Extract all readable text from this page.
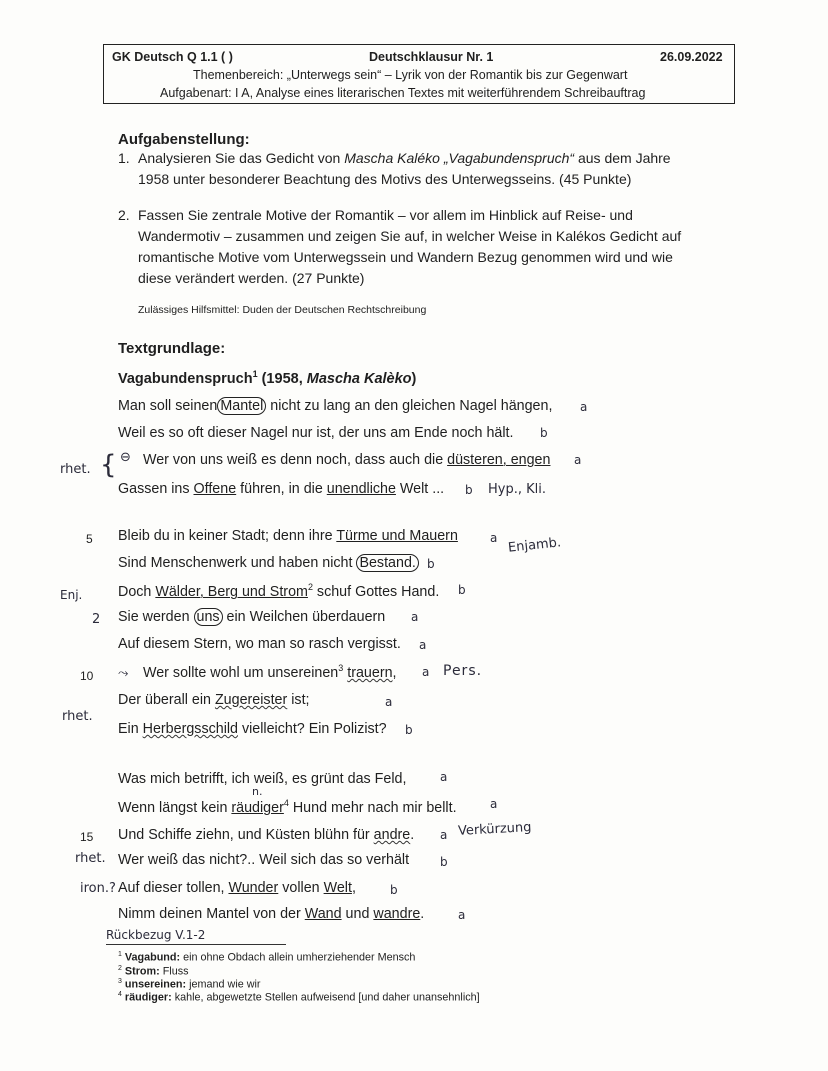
GK Deutsch Q 1.1 ( )	Deutschklausur Nr. 1	26.09.2022
Themenbereich: „Unterwegs sein“ – Lyrik von der Romantik bis zur Gegenwart
Aufgabenart: I A, Analyse eines literarischen Textes mit weiterführendem Schreibauftrag
Aufgabenstellung:
1. Analysieren Sie das Gedicht von Mascha Kaléko „Vagabundenspruch“ aus dem Jahre
1958 unter besonderer Beachtung des Motivs des Unterwegsseins. (45 Punkte)
2. Fassen Sie zentrale Motive der Romantik – vor allem im Hinblick auf Reise- und
Wandermotiv – zusammen und zeigen Sie auf, in welcher Weise in Kalékos Gedicht auf
romantische Motive vom Unterwegssein und Wandern Bezug genommen wird und wie
diese verändert werden. (27 Punkte)
Zulässiges Hilfsmittel: Duden der Deutschen Rechtschreibung
Textgrundlage:
Vagabundenspruch$^1$ (1958, Mascha Kalèko)
Man soll seinen Mantel nicht zu lang an den gleichen Nagel hängen,
Weil es so oft dieser Nagel nur ist, der uns am Ende noch hält.
Wer von uns weiß es denn noch, dass auch die düsteren, engen
Gassen ins Offene führen, in die unendliche Welt ...
Bleib du in keiner Stadt; denn ihre Türme und Mauern
Sind Menschenwerk und haben nicht Bestand.
Doch Wälder, Berg und Strom$^2$ schuf Gottes Hand.
Sie werden uns ein Weilchen überdauern
Auf diesem Stern, wo man so rasch vergisst.
Wer sollte wohl um unsereinen$^3$ trauern,
Der überall ein Zugereister ist;
Ein Herbergsschild vielleicht? Ein Polizist?
Was mich betrifft, ich weiß, es grünt das Feld,
Wenn längst kein räudiger$^4$ Hund mehr nach mir bellt.
Und Schiffe ziehn, und Küsten blühn für andre.
Wer weiß das nicht?.. Weil sich das so verhält
Auf dieser tollen, Wunder vollen Welt,
Nimm deinen Mantel von der Wand und wandre.
5
10
15
a
b
a
b
a
b
b
a
a
a
a
b
a
a
a
b
b
a
rhet. { ⊖
Hyp., Kli.
Enjamb.
Enj.
2
⤳	Pers.
rhet.
n.
Verkürzung
rhet.
iron.?
Rückbezug V.1-2
$^1$ Vagabund: ein ohne Obdach allein umherziehender Mensch
$^2$ Strom: Fluss
$^3$ unsereinen: jemand wie wir
$^4$ räudiger: kahle, abgewetzte Stellen aufweisend [und daher unansehnlich]
